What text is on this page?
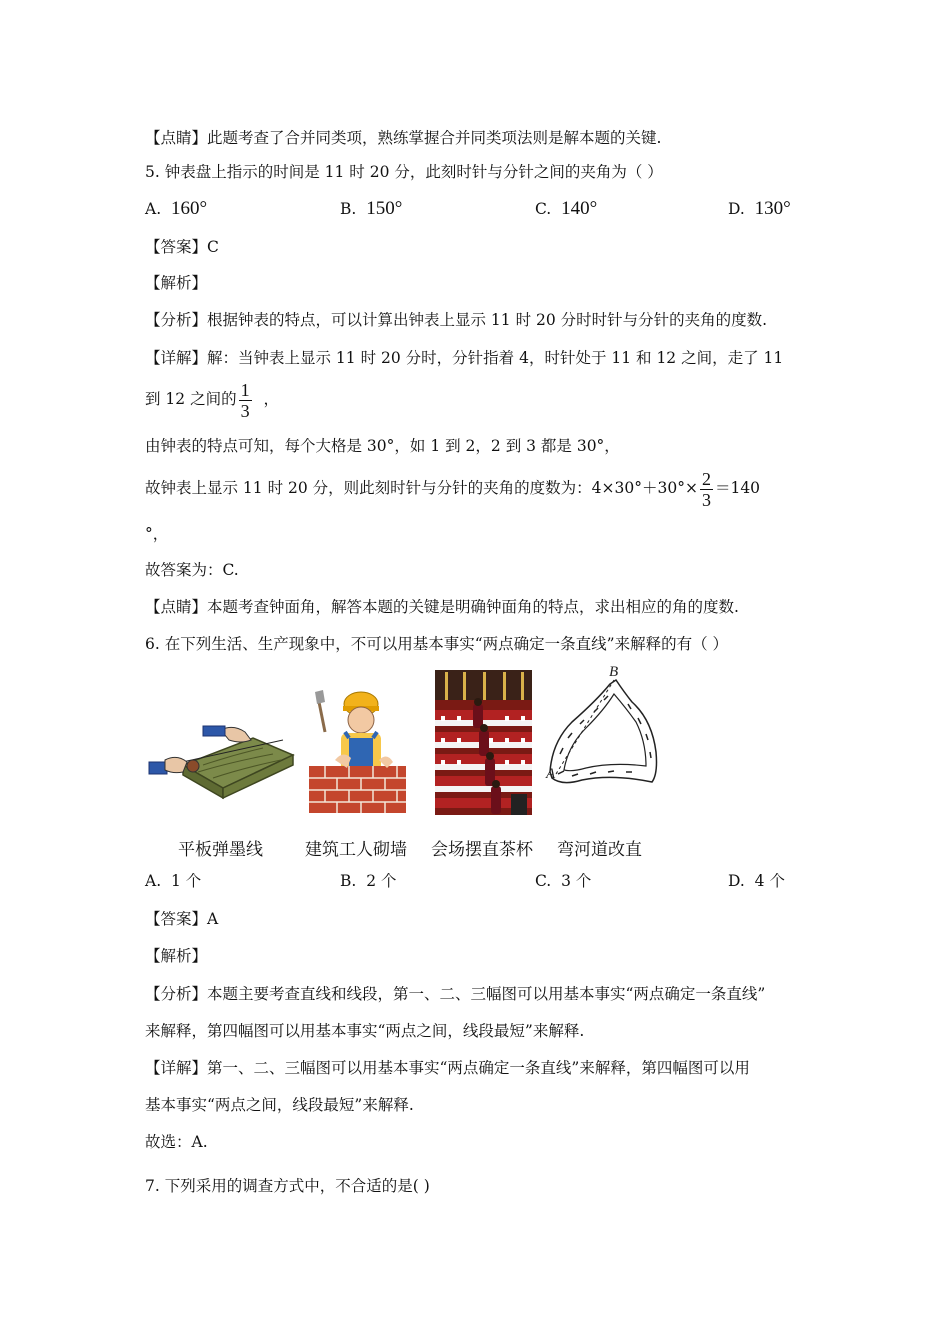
【点睛】此题考查了合并同类项，熟练掌握合并同类项法则是解本题的关键.
5. 钟表盘上指示的时间是 11 时 20 分，此刻时针与分针之间的夹角为（ ）
A. 160°	B. 150°	C. 140°	D. 130°
【答案】C
【解析】
【分析】根据钟表的特点，可以计算出钟表上显示 11 时 20 分时时针与分针的夹角的度数.
【详解】解：当钟表上显示 11 时 20 分时，分针指着 4，时针处于 11 和 12 之间，走了 11
到 12 之间的 $\frac{1}{3}$ ，
由钟表的特点可知，每个大格是 30°，如 1 到 2，2 到 3 都是 30°，
故钟表上显示 11 时 20 分，则此刻时针与分针的夹角的度数为：$4\times 30^\circ+30^\circ\times \frac{2}{3} =140$
°，
故答案为：C.
【点睛】本题考查钟面角，解答本题的关键是明确钟面角的特点，求出相应的角的度数.
6. 在下列生活、生产现象中，不可以用基本事实“两点确定一条直线”来解释的有（ ）
B
A
平板弹墨线 建筑工人砌墙 会场摆直茶杯 弯河道改直
A. 1 个	B. 2 个	C. 3 个	D. 4 个
【答案】A
【解析】
【分析】本题主要考查直线和线段，第一、二、三幅图可以用基本事实“两点确定一条直线”
来解释，第四幅图可以用基本事实“两点之间，线段最短”来解释.
【详解】第一、二、三幅图可以用基本事实“两点确定一条直线”来解释，第四幅图可以用
基本事实“两点之间，线段最短”来解释.
故选：A.
7. 下列采用的调查方式中，不合适的是( )
